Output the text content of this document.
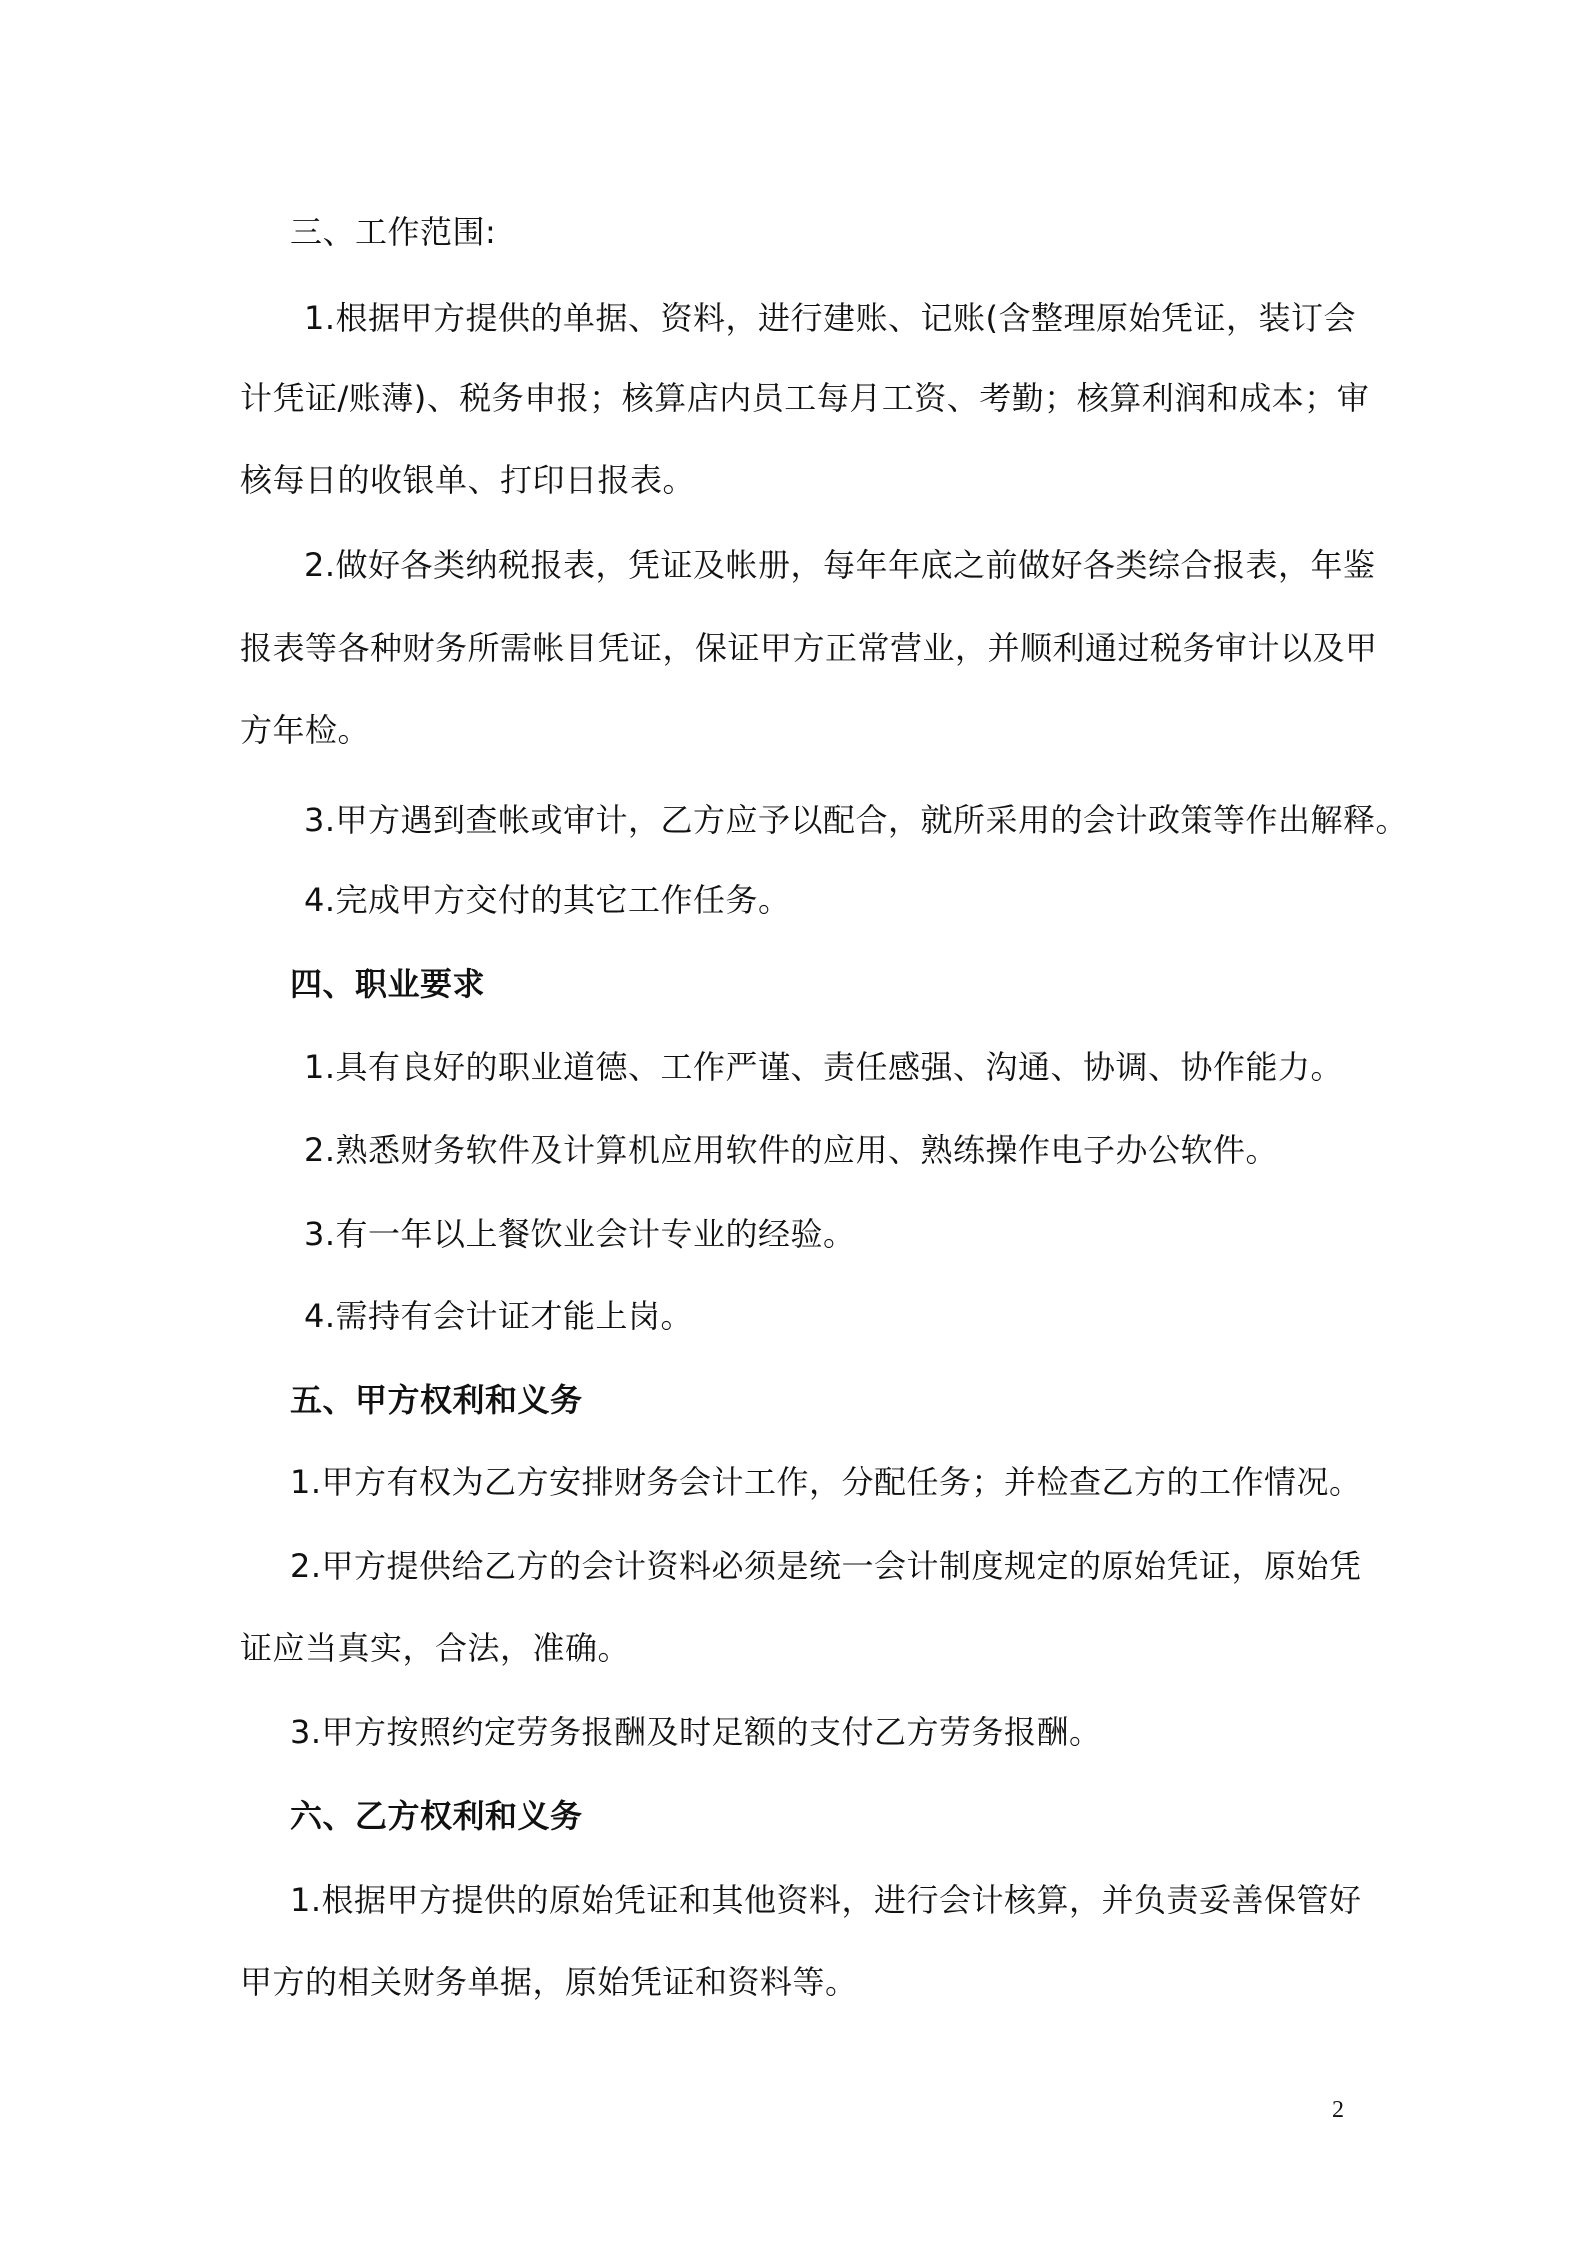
三、工作范围:
1.根据甲方提供的单据、资料，进行建账、记账(含整理原始凭证，装订会
计凭证/账薄)、税务申报；核算店内员工每月工资、考勤；核算利润和成本；审
核每日的收银单、打印日报表。
2.做好各类纳税报表，凭证及帐册，每年年底之前做好各类综合报表，年鉴
报表等各种财务所需帐目凭证，保证甲方正常营业，并顺利通过税务审计以及甲
方年检。
3.甲方遇到查帐或审计，乙方应予以配合，就所采用的会计政策等作出解释。
4.完成甲方交付的其它工作任务。
四、职业要求
1.具有良好的职业道德、工作严谨、责任感强、沟通、协调、协作能力。
2.熟悉财务软件及计算机应用软件的应用、熟练操作电子办公软件。
3.有一年以上餐饮业会计专业的经验。
4.需持有会计证才能上岗。
五、甲方权利和义务
1.甲方有权为乙方安排财务会计工作，分配任务；并检查乙方的工作情况。
2.甲方提供给乙方的会计资料必须是统一会计制度规定的原始凭证，原始凭
证应当真实，合法，准确。
3.甲方按照约定劳务报酬及时足额的支付乙方劳务报酬。
六、乙方权利和义务
1.根据甲方提供的原始凭证和其他资料，进行会计核算，并负责妥善保管好
甲方的相关财务单据，原始凭证和资料等。
2
